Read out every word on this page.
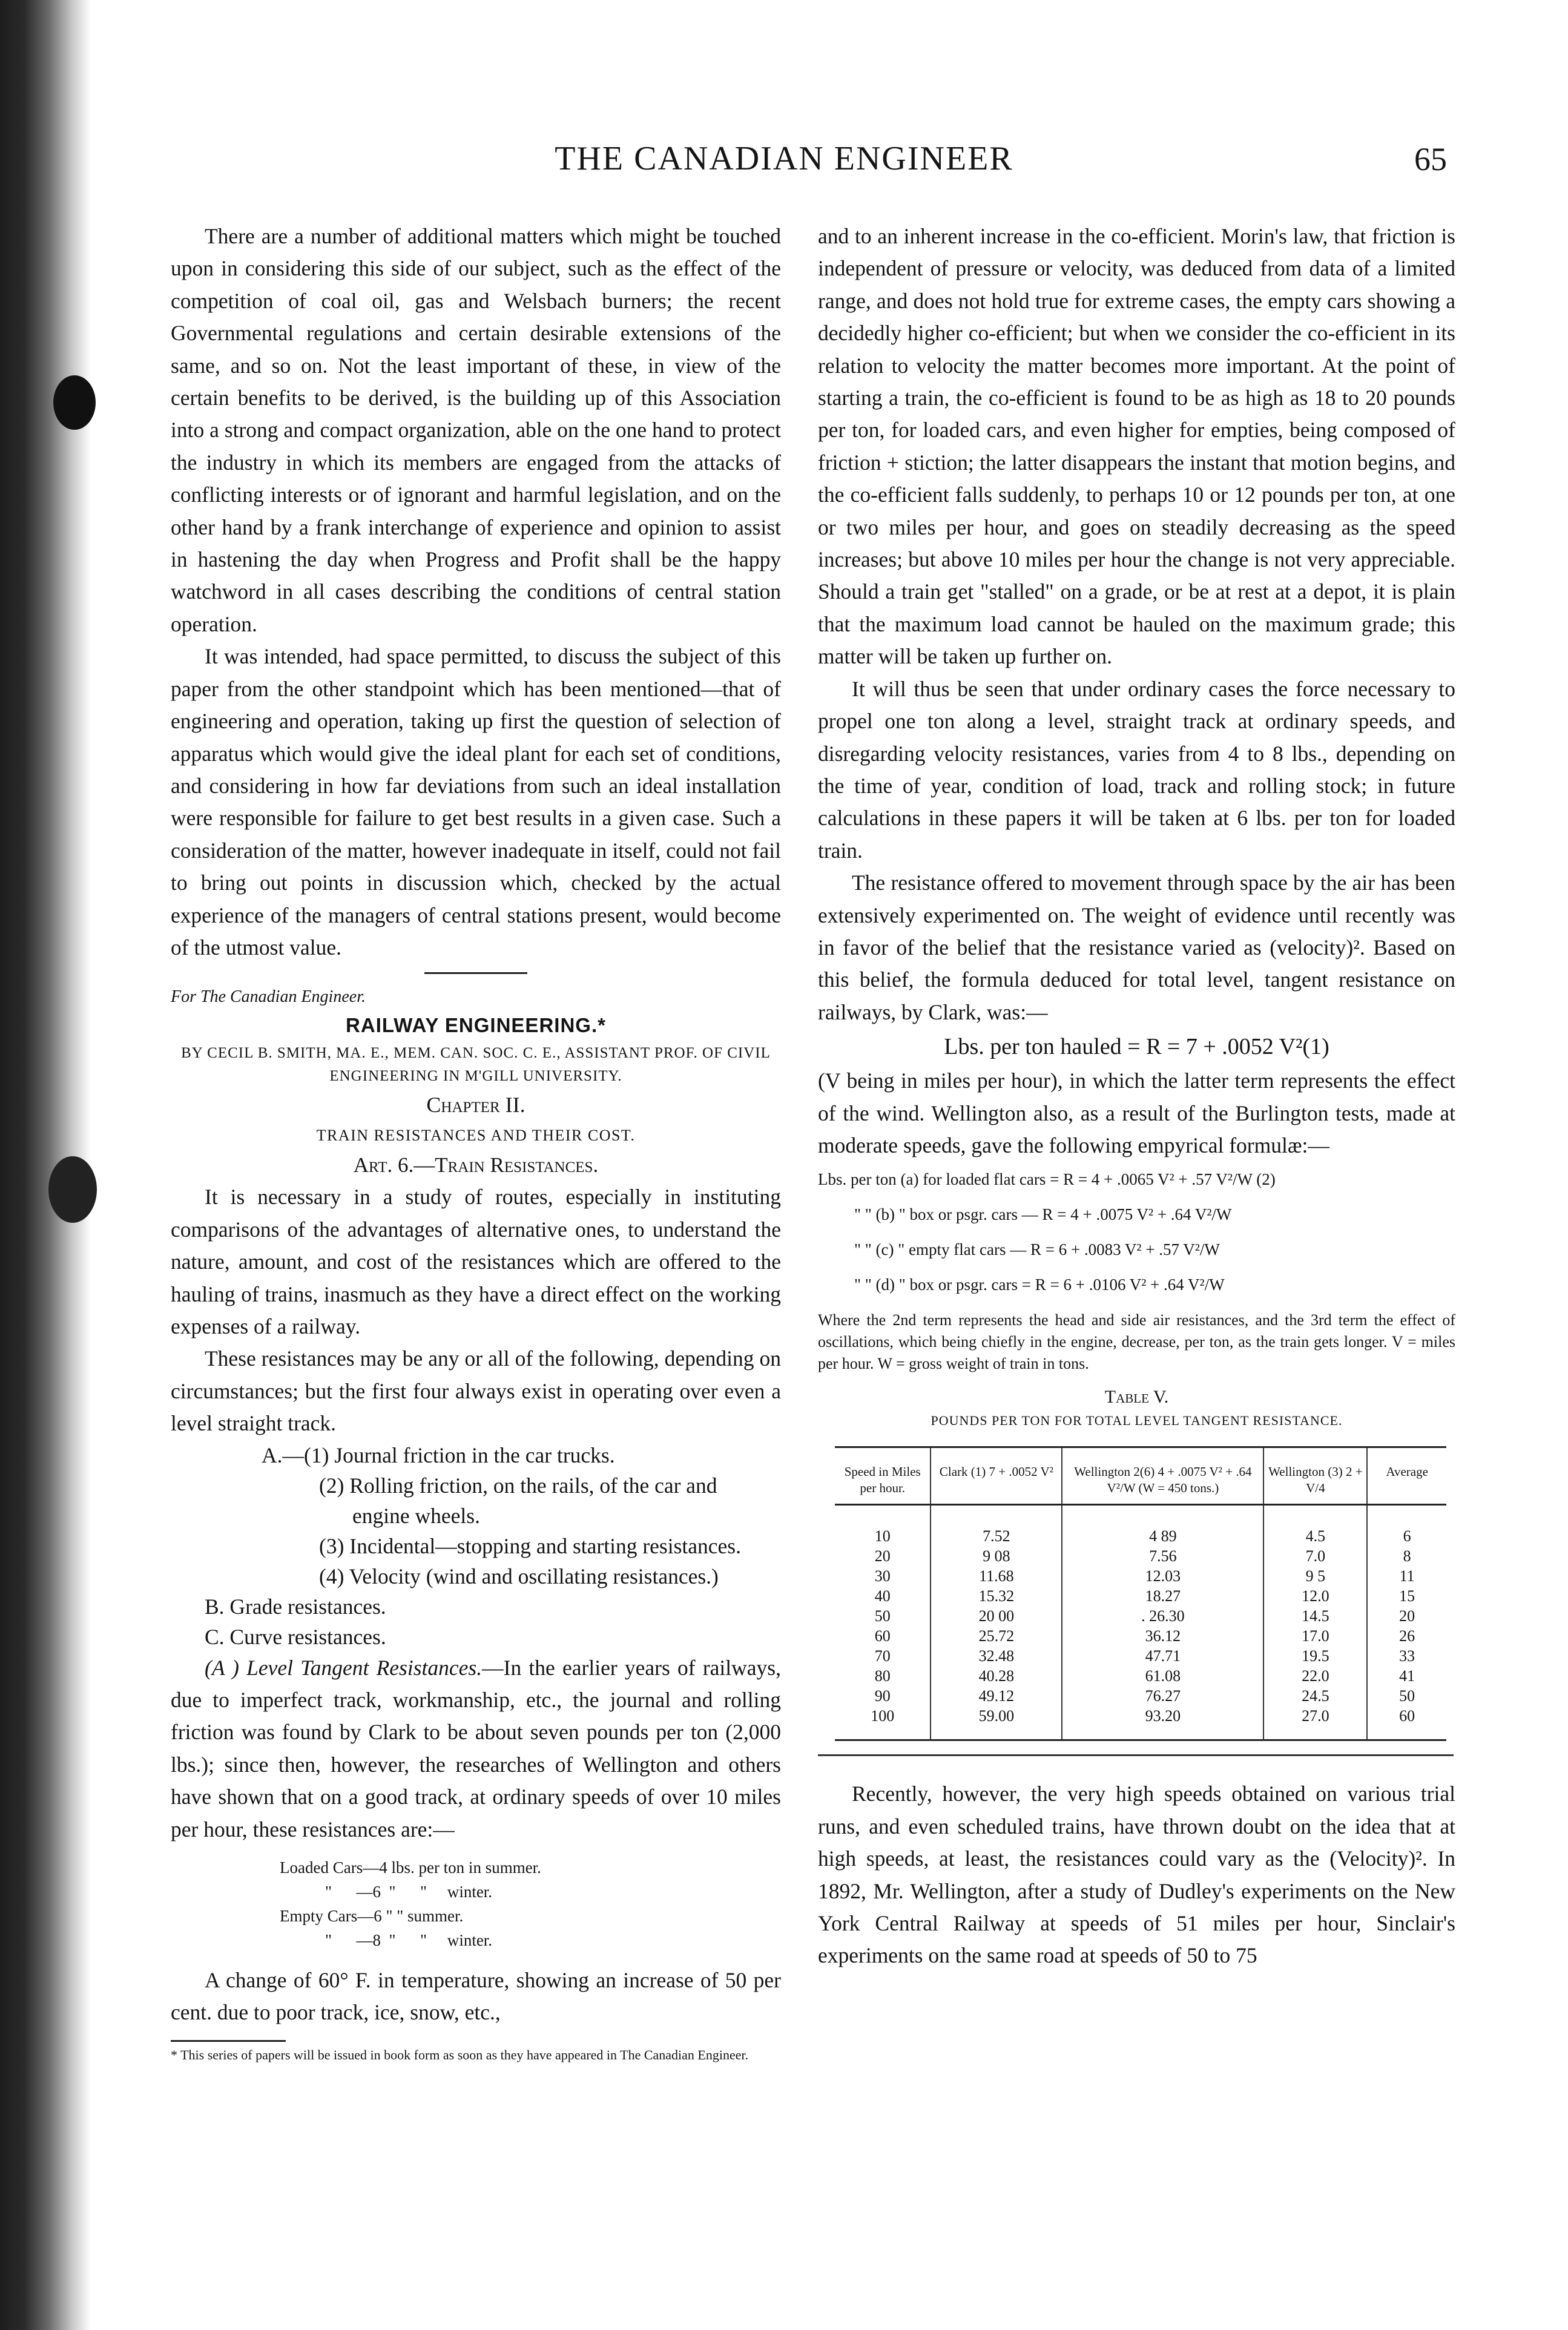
THE CANADIAN ENGINEER	65

There are a number of additional matters which might be touched upon in considering this side of our subject, such as the effect of the competition of coal oil, gas and Welsbach burners; the recent Governmental regulations and certain desirable extensions of the same, and so on. Not the least important of these, in view of the certain benefits to be derived, is the building up of this Association into a strong and compact organization, able on the one hand to protect the industry in which its members are engaged from the attacks of conflicting interests or of ignorant and harmful legislation, and on the other hand by a frank interchange of experience and opinion to assist in hastening the day when Progress and Profit shall be the happy watchword in all cases describing the conditions of central station operation.

It was intended, had space permitted, to discuss the subject of this paper from the other standpoint which has been mentioned—that of engineering and operation, taking up first the question of selection of apparatus which would give the ideal plant for each set of conditions, and considering in how far deviations from such an ideal installation were responsible for failure to get best results in a given case. Such a consideration of the matter, however inadequate in itself, could not fail to bring out points in discussion which, checked by the actual experience of the managers of central stations present, would become of the utmost value.

For The Canadian Engineer.
RAILWAY ENGINEERING.*
BY CECIL B. SMITH, MA. E., MEM. CAN. SOC. C. E., ASSISTANT PROF. OF CIVIL ENGINEERING IN M'GILL UNIVERSITY.
Chapter II.
TRAIN RESISTANCES AND THEIR COST.
Art. 6.—Train Resistances.

It is necessary in a study of routes, especially in instituting comparisons of the advantages of alternative ones, to understand the nature, amount, and cost of the resistances which are offered to the hauling of trains, inasmuch as they have a direct effect on the working expenses of a railway.

These resistances may be any or all of the following, depending on circumstances; but the first four always exist in operating over even a level straight track.

A.—(1) Journal friction in the car trucks.
(2) Rolling friction, on the rails, of the car and
engine wheels.
(3) Incidental—stopping and starting resistances.
(4) Velocity (wind and oscillating resistances.)
B. Grade resistances.
C. Curve resistances.

(A ) Level Tangent Resistances.—In the earlier years of railways, due to imperfect track, workmanship, etc., the journal and rolling friction was found by Clark to be about seven pounds per ton (2,000 lbs.); since then, however, the researches of Wellington and others have shown that on a good track, at ordinary speeds of over 10 miles per hour, these resistances are:—

Loaded Cars—4 lbs. per ton in summer.
"      —6  "      "     winter.
Empty Cars—6 " " summer.
"      —8  "      "     winter.

A change of 60° F. in temperature, showing an increase of 50 per cent. due to poor track, ice, snow, etc.,

* This series of papers will be issued in book form as soon as they have appeared in The Canadian Engineer.

and to an inherent increase in the co-efficient. Morin's law, that friction is independent of pressure or velocity, was deduced from data of a limited range, and does not hold true for extreme cases, the empty cars showing a decidedly higher co-efficient; but when we consider the co-efficient in its relation to velocity the matter becomes more important. At the point of starting a train, the co-efficient is found to be as high as 18 to 20 pounds per ton, for loaded cars, and even higher for empties, being composed of friction + stiction; the latter disappears the instant that motion begins, and the co-efficient falls suddenly, to perhaps 10 or 12 pounds per ton, at one or two miles per hour, and goes on steadily decreasing as the speed increases; but above 10 miles per hour the change is not very appreciable. Should a train get "stalled" on a grade, or be at rest at a depot, it is plain that the maximum load cannot be hauled on the maximum grade; this matter will be taken up further on.

It will thus be seen that under ordinary cases the force necessary to propel one ton along a level, straight track at ordinary speeds, and disregarding velocity resistances, varies from 4 to 8 lbs., depending on the time of year, condition of load, track and rolling stock; in future calculations in these papers it will be taken at 6 lbs. per ton for loaded train.

The resistance offered to movement through space by the air has been extensively experimented on. The weight of evidence until recently was in favor of the belief that the resistance varied as (velocity)². Based on this belief, the formula deduced for total level, tangent resistance on railways, by Clark, was:—

Lbs. per ton hauled = R = 7 + .0052 V²(1)

(V being in miles per hour), in which the latter term represents the effect of the wind. Wellington also, as a result of the Burlington tests, made at moderate speeds, gave the following empyrical formulæ:—

Lbs. per ton (a) for loaded flat cars = R = 4 + .0065 V² + .57 V²/W (2)
" " (b) " box or psgr. cars — R = 4 + .0075 V² + .64 V²/W
" " (c) " empty flat cars — R = 6 + .0083 V² + .57 V²/W
" " (d) " box or psgr. cars = R = 6 + .0106 V² + .64 V²/W
Where the 2nd term represents the head and side air resistances, and the 3rd term the effect of oscillations, which being chiefly in the engine, decrease, per ton, as the train gets longer. V = miles per hour. W = gross weight of train in tons.
Table V.
POUNDS PER TON FOR TOTAL LEVEL TANGENT RESISTANCE.
Speed in Miles per hour.	Clark (1) 7 + .0052 V²	Wellington 2(6) 4 + .0075 V² + .64 V²/W (W = 450 tons.)	Wellington (3) 2 + V/4	Average
10	7.52	4 89	4.5	6
20	9 08	7.56	7.0	8
30	11.68	12.03	9 5	11
40	15.32	18.27	12.0	15
50	20 00	. 26.30	14.5	20
60	25.72	36.12	17.0	26
70	32.48	47.71	19.5	33
80	40.28	61.08	22.0	41
90	49.12	76.27	24.5	50
100	59.00	93.20	27.0	60

Recently, however, the very high speeds obtained on various trial runs, and even scheduled trains, have thrown doubt on the idea that at high speeds, at least, the resistances could vary as the (Velocity)². In 1892, Mr. Wellington, after a study of Dudley's experiments on the New York Central Railway at speeds of 51 miles per hour, Sinclair's experiments on the same road at speeds of 50 to 75
